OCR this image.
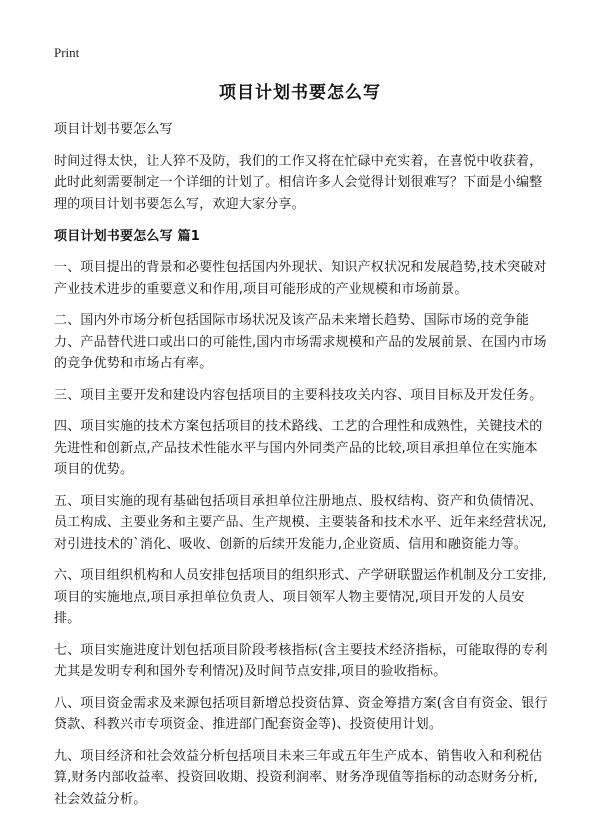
Print
项目计划书要怎么写

项目计划书要怎么写

时间过得太快，让人猝不及防，我们的工作又将在忙碌中充实着，在喜悦中收获着，此时此刻需要制定一个详细的计划了。相信许多人会觉得计划很难写？下面是小编整理的项目计划书要怎么写，欢迎大家分享。

项目计划书要怎么写 篇1

一、项目提出的背景和必要性包括国内外现状、知识产权状况和发展趋势,技术突破对产业技术进步的重要意义和作用,项目可能形成的产业规模和市场前景。

二、国内外市场分析包括国际市场状况及该产品未来增长趋势、国际市场的竞争能力、产品替代进口或出口的可能性,国内市场需求规模和产品的发展前景、在国内市场的竞争优势和市场占有率。

三、项目主要开发和建设内容包括项目的主要科技攻关内容、项目目标及开发任务。

四、项目实施的技术方案包括项目的技术路线、工艺的合理性和成熟性，关键技术的先进性和创新点,产品技术性能水平与国内外同类产品的比较,项目承担单位在实施本项目的优势。

五、项目实施的现有基础包括项目承担单位注册地点、股权结构、资产和负债情况、员工构成、主要业务和主要产品、生产规模、主要装备和技术水平、近年来经营状况,对引进技术的`消化、吸收、创新的后续开发能力,企业资质、信用和融资能力等。

六、项目组织机构和人员安排包括项目的组织形式、产学研联盟运作机制及分工安排,项目的实施地点,项目承担单位负责人、项目领军人物主要情况,项目开发的人员安排。

七、项目实施进度计划包括项目阶段考核指标(含主要技术经济指标，可能取得的专利尤其是发明专利和国外专利情况)及时间节点安排,项目的验收指标。

八、项目资金需求及来源包括项目新增总投资估算、资金筹措方案(含自有资金、银行贷款、科教兴市专项资金、推进部门配套资金等)、投资使用计划。

九、项目经济和社会效益分析包括项目未来三年或五年生产成本、销售收入和利税估算,财务内部收益率、投资回收期、投资利润率、财务净现值等指标的动态财务分析,社会效益分析。
